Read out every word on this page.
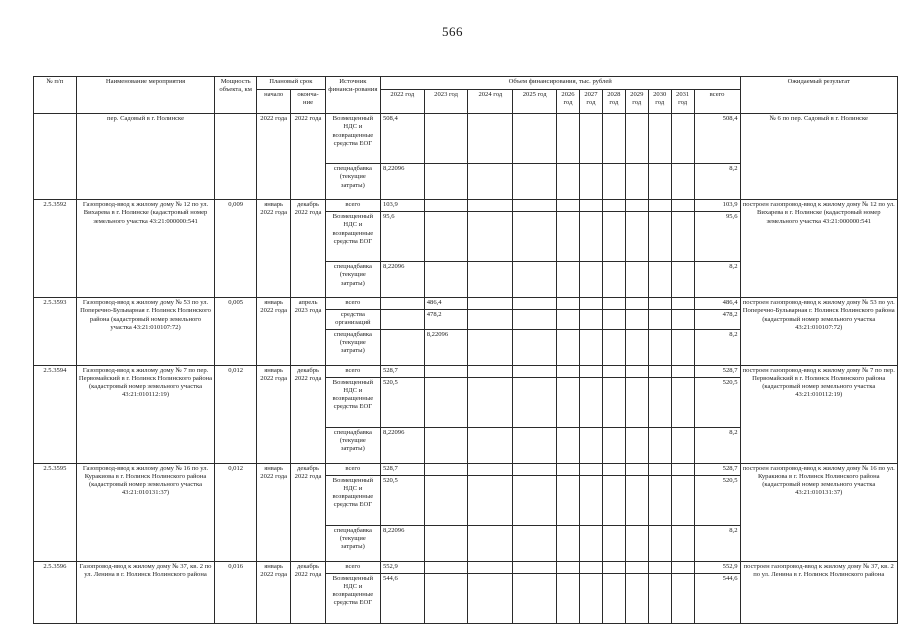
566
№ п/п	Наименование мероприятия	Мощность объекта, км	Плановый срок		Источник финанси-рования	Объем финансирования, тыс. рублей											Ожидаемый результат
			начало	оконча-ние		2022 год	2023 год	2024 год	2025 год	2026 год	2027 год	2028 год	2029 год	2030 год	2031 год	всего	

	пер. Садовый в г. Нолинске		2022 года	2022 года	Возмещенный НДС и возвращенные средства ЕОГ	508,4										508,4	№ 6 по пер. Садовый в г. Нолинске
					спецнадбавка (текущие затраты)	8,22096										8,2	
2.5.3592	Газопровод-ввод к жилому дому № 12 по ул. Вихарева в г. Нолинске (кадастровый номер земельного участка 43:21:000000:541	0,009	январь 2022 года	декабрь 2022 года	всего	103,9										103,9	построен газопровод-ввод к жилому дому № 12 по ул. Вихарева в г. Нолинске (кадастровый номер земельного участка 43:21:000000:541
					Возмещенный НДС и возвращенные средства ЕОГ	95,6										95,6	
					спецнадбавка (текущие затраты)	8,22096										8,2	
2.5.3593	Газопровод-ввод к жилому дому № 53 по ул. Поперечно-Бульварная г. Нолинск Нолинского района (кадастровый номер земельного участка 43:21:010107:72)	0,005	январь 2022 года	апрель 2023 года	всего		486,4									486,4	построен газопровод-ввод к жилому дому № 53 по ул. Поперечно-Бульварная г. Нолинск Нолинского района (кадастровый номер земельного участка 43:21:010107:72)
					средства организаций		478,2									478,2	
					спецнадбавка (текущие затраты)		8,22096									8,2	
2.5.3594	Газопровод-ввод к жилому дому № 7 по пер. Первомайский в г. Нолинск Нолинского района (кадастровый номер земельного участка 43:21:010112:19)	0,012	январь 2022 года	декабрь 2022 года	всего	528,7										528,7	построен газопровод-ввод к жилому дому № 7 по пер. Первомайский в г. Нолинск Нолинского района (кадастровый номер земельного участка 43:21:010112:19)
					Возмещенный НДС и возвращенные средства ЕОГ	520,5										520,5	
					спецнадбавка (текущие затраты)	8,22096										8,2	
2.5.3595	Газопровод-ввод к жилому дому № 16 по ул. Куракиова в г. Нолинск Нолинского района (кадастровый номер земельного участка 43:21:010131:37)	0,012	январь 2022 года	декабрь 2022 года	всего	528,7										528,7	построен газопровод-ввод к жилому дому № 16 по ул. Куракиова в г. Нолинск Нолинского района (кадастровый номер земельного участка 43:21:010131:37)
					Возмещенный НДС и возвращенные средства ЕОГ	520,5										520,5	
					спецнадбавка (текущие затраты)	8,22096										8,2	
2.5.3596	Газопровод-ввод к жилому дому № 37, кв. 2 по ул. Ленина в г. Нолинск Нолинского района	0,016	январь 2022 года	декабрь 2022 года	всего	552,9										552,9	построен газопровод-ввод к жилому дому № 37, кв. 2 по ул. Ленина в г. Нолинск Нолинского района
					Возмещенный НДС и возвращенные средства ЕОГ	544,6										544,6	
